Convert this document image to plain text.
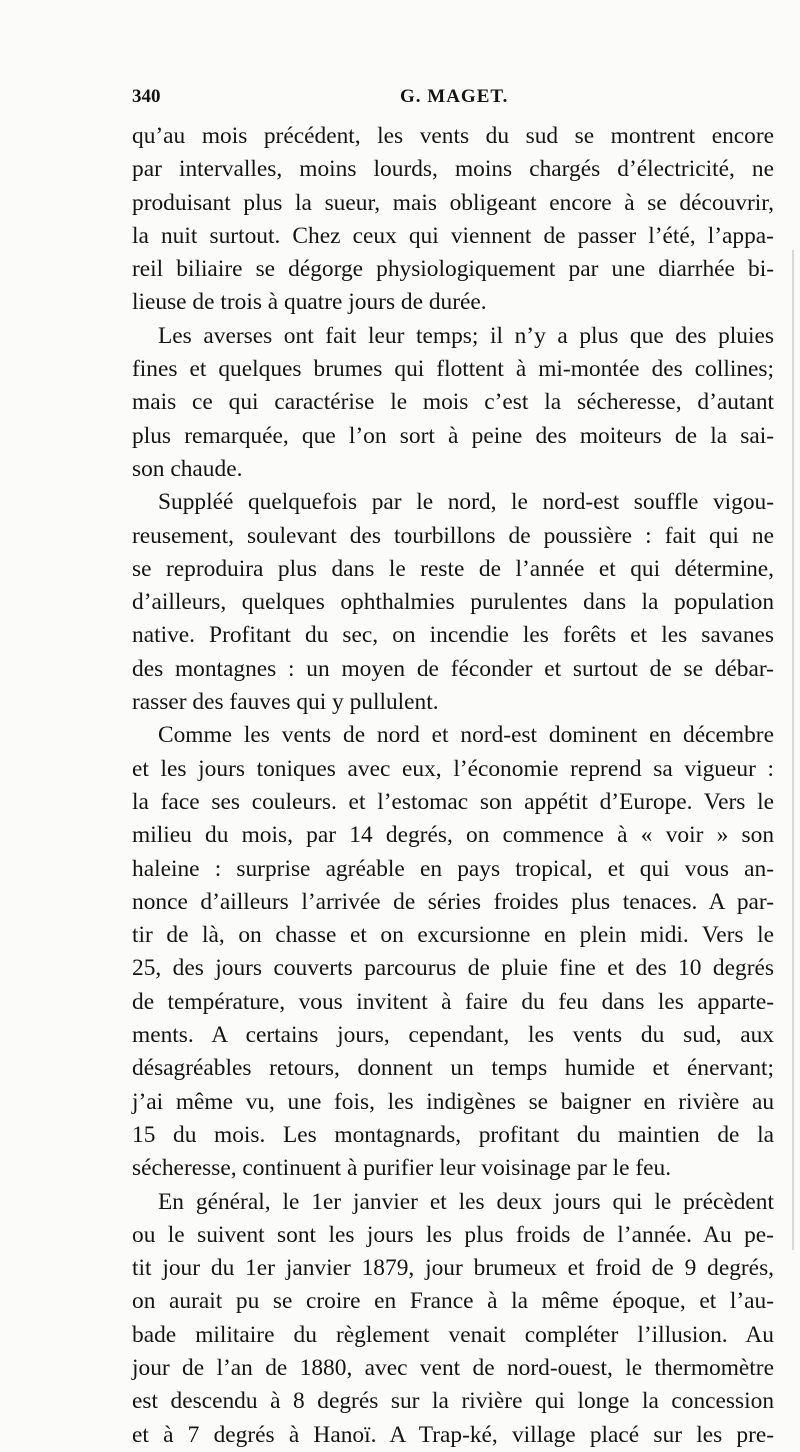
340	G. MAGET.
qu’au mois précédent, les vents du sud se montrent encore
par intervalles, moins lourds, moins chargés d’électricité, ne
produisant plus la sueur, mais obligeant encore à se découvrir,
la nuit surtout. Chez ceux qui viennent de passer l’été, l’appa-
reil biliaire se dégorge physiologiquement par une diarrhée bi-
lieuse de trois à quatre jours de durée.
Les averses ont fait leur temps; il n’y a plus que des pluies
fines et quelques brumes qui flottent à mi-montée des collines;
mais ce qui caractérise le mois c’est la sécheresse, d’autant
plus remarquée, que l’on sort à peine des moiteurs de la sai-
son chaude.
Suppléé quelquefois par le nord, le nord-est souffle vigou-
reusement, soulevant des tourbillons de poussière : fait qui ne
se reproduira plus dans le reste de l’année et qui détermine,
d’ailleurs, quelques ophthalmies purulentes dans la population
native. Profitant du sec, on incendie les forêts et les savanes
des montagnes : un moyen de féconder et surtout de se débar-
rasser des fauves qui y pullulent.
Comme les vents de nord et nord-est dominent en décembre
et les jours toniques avec eux, l’économie reprend sa vigueur :
la face ses couleurs. et l’estomac son appétit d’Europe. Vers le
milieu du mois, par 14 degrés, on commence à « voir » son
haleine : surprise agréable en pays tropical, et qui vous an-
nonce d’ailleurs l’arrivée de séries froides plus tenaces. A par-
tir de là, on chasse et on excursionne en plein midi. Vers le
25, des jours couverts parcourus de pluie fine et des 10 degrés
de température, vous invitent à faire du feu dans les apparte-
ments. A certains jours, cependant, les vents du sud, aux
désagréables retours, donnent un temps humide et énervant;
j’ai même vu, une fois, les indigènes se baigner en rivière au
15 du mois. Les montagnards, profitant du maintien de la
sécheresse, continuent à purifier leur voisinage par le feu.
En général, le 1er janvier et les deux jours qui le précèdent
ou le suivent sont les jours les plus froids de l’année. Au pe-
tit jour du 1er janvier 1879, jour brumeux et froid de 9 degrés,
on aurait pu se croire en France à la même époque, et l’au-
bade militaire du règlement venait compléter l’illusion. Au
jour de l’an de 1880, avec vent de nord-ouest, le thermomètre
est descendu à 8 degrés sur la rivière qui longe la concession
et à 7 degrés à Hanoï. A Trap-ké, village placé sur les pre-
